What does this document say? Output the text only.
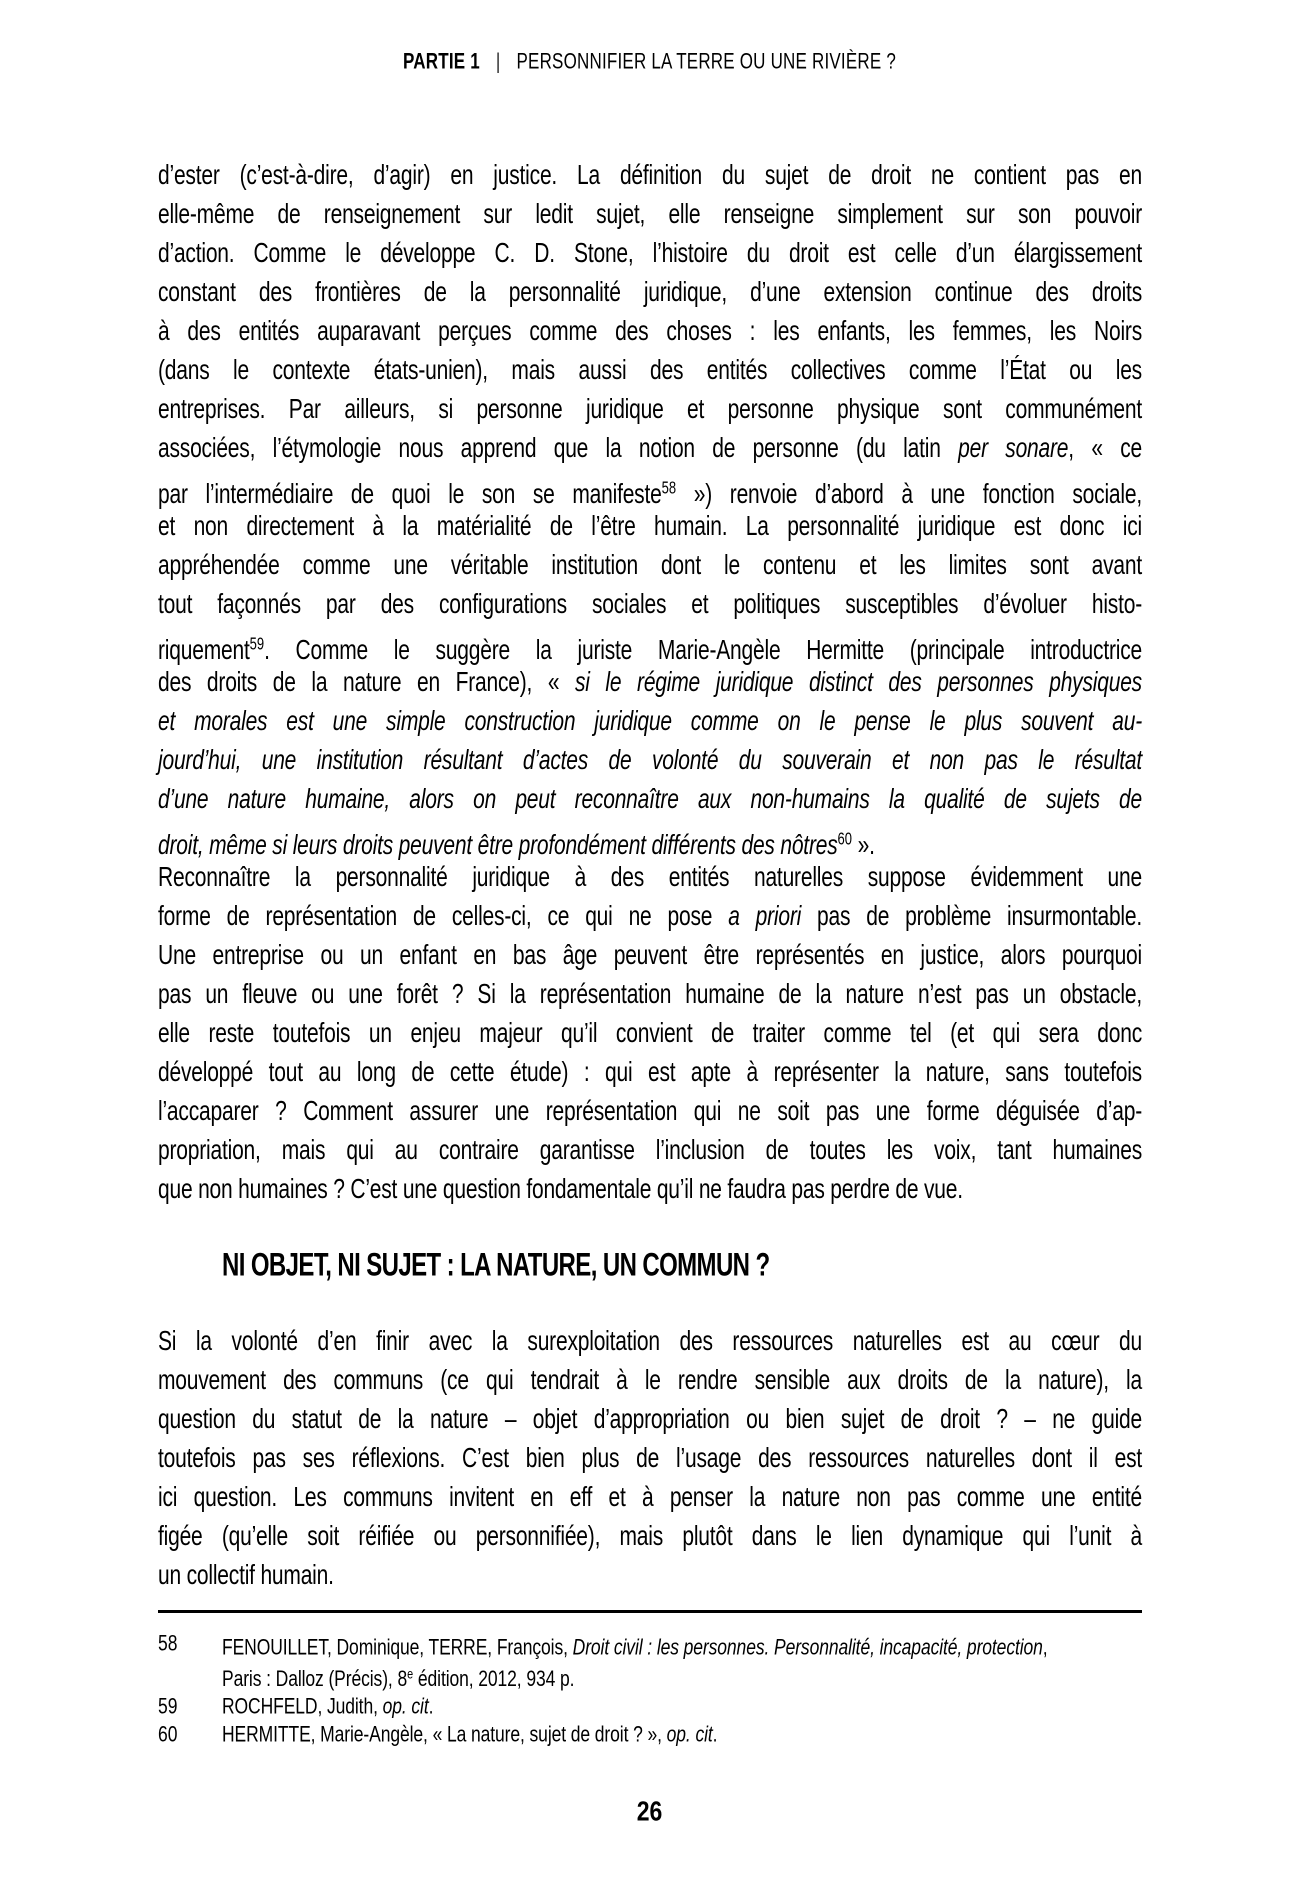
PARTIE 1 | PERSONNIFIER LA TERRE OU UNE RIVIÈRE ?
d’ester (c’est-à-dire, d’agir) en justice. La définition du sujet de droit ne contient pas en
elle-même de renseignement sur ledit sujet, elle renseigne simplement sur son pouvoir
d’action. Comme le développe C. D. Stone, l’histoire du droit est celle d’un élargissement
constant des frontières de la personnalité juridique, d’une extension continue des droits
à des entités auparavant perçues comme des choses : les enfants, les femmes, les Noirs
(dans le contexte états-unien), mais aussi des entités collectives comme l’État ou les
entreprises. Par ailleurs, si personne juridique et personne physique sont communément
associées, l’étymologie nous apprend que la notion de personne (du latin per sonare, « ce
par l’intermédiaire de quoi le son se manifeste$^{58}$ ») renvoie d’abord à une fonction sociale,
et non directement à la matérialité de l’être humain. La personnalité juridique est donc ici
appréhendée comme une véritable institution dont le contenu et les limites sont avant
tout façonnés par des configurations sociales et politiques susceptibles d’évoluer histo-
riquement$^{59}$. Comme le suggère la juriste Marie-Angèle Hermitte (principale introductrice
des droits de la nature en France), « si le régime juridique distinct des personnes physiques
et morales est une simple construction juridique comme on le pense le plus souvent au-
jourd’hui, une institution résultant d’actes de volonté du souverain et non pas le résultat
d’une nature humaine, alors on peut reconnaître aux non-humains la qualité de sujets de
droit, même si leurs droits peuvent être profondément différents des nôtres$^{60}$ ».
Reconnaître la personnalité juridique à des entités naturelles suppose évidemment une
forme de représentation de celles-ci, ce qui ne pose a priori pas de problème insurmontable.
Une entreprise ou un enfant en bas âge peuvent être représentés en justice, alors pourquoi
pas un fleuve ou une forêt ? Si la représentation humaine de la nature n’est pas un obstacle,
elle reste toutefois un enjeu majeur qu’il convient de traiter comme tel (et qui sera donc
développé tout au long de cette étude) : qui est apte à représenter la nature, sans toutefois
l’accaparer ? Comment assurer une représentation qui ne soit pas une forme déguisée d’ap-
propriation, mais qui au contraire garantisse l’inclusion de toutes les voix, tant humaines
que non humaines ? C’est une question fondamentale qu’il ne faudra pas perdre de vue.
NI OBJET, NI SUJET : LA NATURE, UN COMMUN ?
Si la volonté d’en finir avec la surexploitation des ressources naturelles est au cœur du
mouvement des communs (ce qui tendrait à le rendre sensible aux droits de la nature), la
question du statut de la nature – objet d’appropriation ou bien sujet de droit ? – ne guide
toutefois pas ses réflexions. C’est bien plus de l’usage des ressources naturelles dont il est
ici question. Les communs invitent en eff et à penser la nature non pas comme une entité
figée (qu’elle soit réifiée ou personnifiée), mais plutôt dans le lien dynamique qui l’unit à
un collectif humain.
58	FENOUILLET, Dominique, TERRE, François, Droit civil : les personnes. Personnalité, incapacité, protection,
Paris : Dalloz (Précis), 8e édition, 2012, 934 p.
59	ROCHFELD, Judith, op. cit.
60	HERMITTE, Marie-Angèle, « La nature, sujet de droit ? », op. cit.
26
